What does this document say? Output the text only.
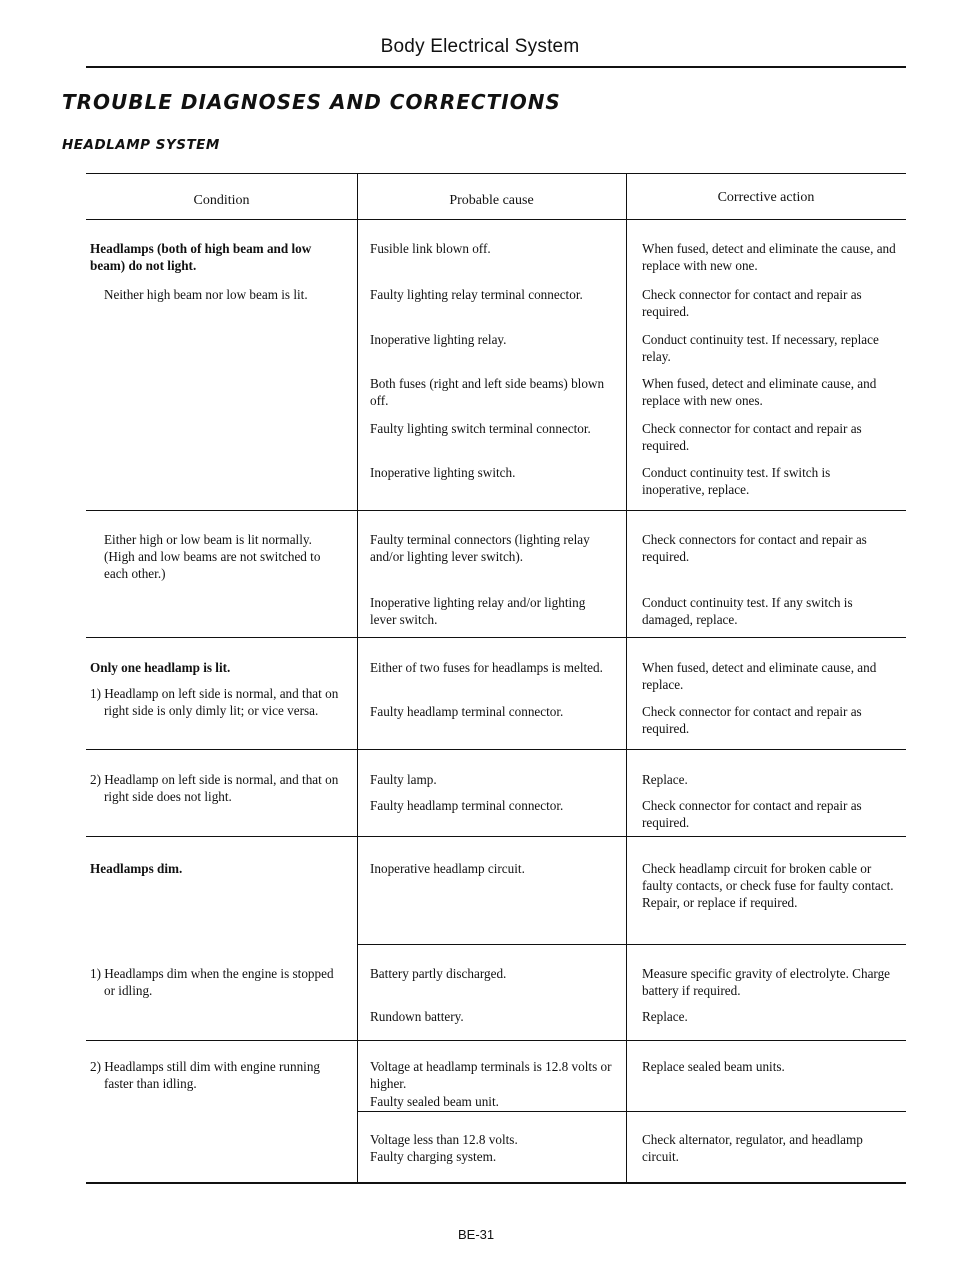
Body Electrical System
TROUBLE DIAGNOSES AND CORRECTIONS
HEADLAMP SYSTEM
Condition	Probable cause	Corrective action
Headlamps (both of high beam and low beam) do not light.
Neither high beam nor low beam is lit.
Either high or low beam is lit normally. (High and low beams are not switched to each other.)
Only one headlamp is lit.
1) Headlamp on left side is normal, and that on right side is only dimly lit; or vice versa.
2) Headlamp on left side is normal, and that on right side does not light.
Headlamps dim.
1) Headlamps dim when the engine is stopped or idling.
2) Headlamps still dim with engine running faster than idling.
Fusible link blown off.
Faulty lighting relay terminal connector.
Inoperative lighting relay.
Both fuses (right and left side beams) blown off.
Faulty lighting switch terminal connector.
Inoperative lighting switch.
Faulty terminal connectors (lighting relay and/or lighting lever switch).
Inoperative lighting relay and/or lighting lever switch.
Either of two fuses for headlamps is melted.
Faulty headlamp terminal connector.
Faulty lamp.
Faulty headlamp terminal connector.
Inoperative headlamp circuit.
Battery partly discharged.
Rundown battery.
Voltage at headlamp terminals is 12.8 volts or higher.
Faulty sealed beam unit.
Voltage less than 12.8 volts.
Faulty charging system.
When fused, detect and eliminate the cause, and replace with new one.
Check connector for contact and repair as required.
Conduct continuity test. If necessary, replace relay.
When fused, detect and eliminate cause, and replace with new ones.
Check connector for contact and repair as required.
Conduct continuity test. If switch is inoperative, replace.
Check connectors for contact and repair as required.
Conduct continuity test. If any switch is damaged, replace.
When fused, detect and eliminate cause, and replace.
Check connector for contact and repair as required.
Replace.
Check connector for contact and repair as required.
Check headlamp circuit for broken cable or faulty contacts, or check fuse for faulty contact. Repair, or replace if required.
Measure specific gravity of electrolyte. Charge battery if required.
Replace.
Replace sealed beam units.
Check alternator, regulator, and headlamp circuit.
BE-31
